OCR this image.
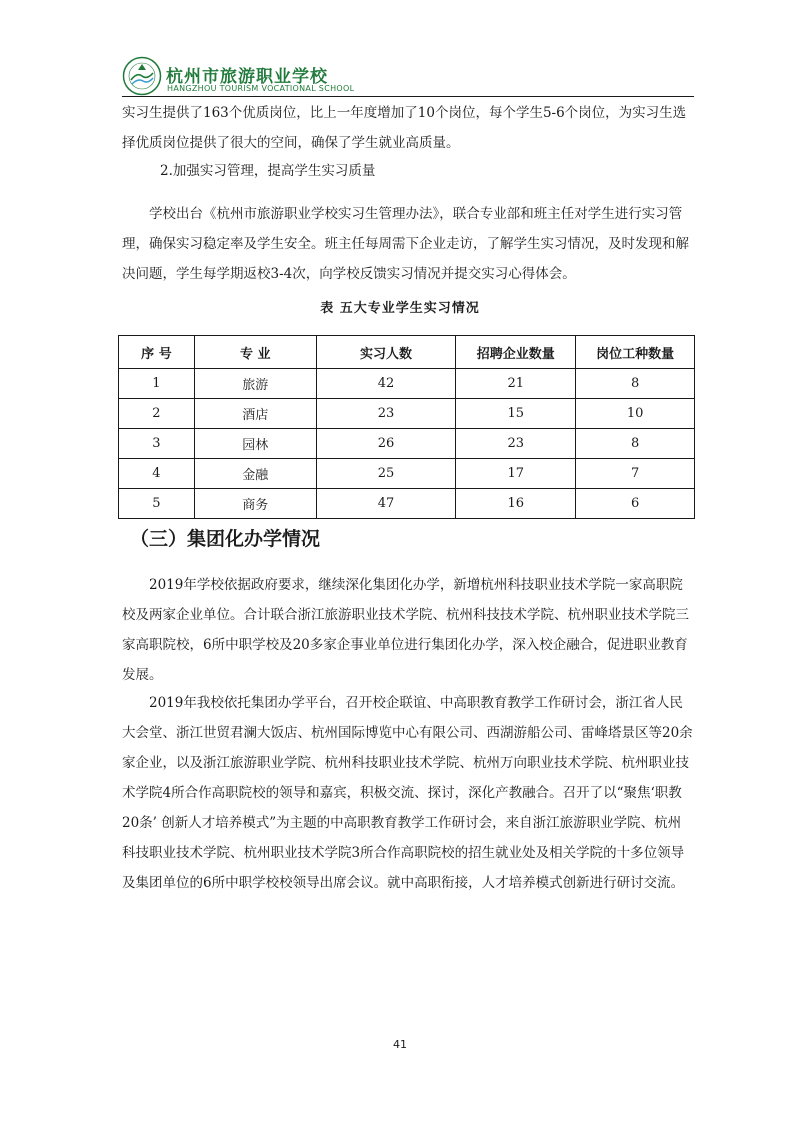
杭州市旅游职业学校
HANGZHOU TOURISM VOCATIONAL SCHOOL

实习生提供了163个优质岗位，比上一年度增加了10个岗位，每个学生5-6个岗位，为实习生选择优质岗位提供了很大的空间，确保了学生就业高质量。

2.加强实习管理，提高学生实习质量

学校出台《杭州市旅游职业学校实习生管理办法》，联合专业部和班主任对学生进行实习管理，确保实习稳定率及学生安全。班主任每周需下企业走访，了解学生实习情况，及时发现和解决问题，学生每学期返校3-4次，向学校反馈实习情况并提交实习心得体会。

表 五大专业学生实习情况

序 号	专 业	实习人数	招聘企业数量	岗位工种数量
1	旅游	42	21	8
2	酒店	23	15	10
3	园林	26	23	8
4	金融	25	17	7
5	商务	47	16	6
（三）集团化办学情况

2019年学校依据政府要求，继续深化集团化办学，新增杭州科技职业技术学院一家高职院校及两家企业单位。合计联合浙江旅游职业技术学院、杭州科技技术学院、杭州职业技术学院三家高职院校，6所中职学校及20多家企事业单位进行集团化办学，深入校企融合，促进职业教育发展。

2019年我校依托集团办学平台，召开校企联谊、中高职教育教学工作研讨会，浙江省人民大会堂、浙江世贸君澜大饭店、杭州国际博览中心有限公司、西湖游船公司、雷峰塔景区等20余家企业，以及浙江旅游职业学院、杭州科技职业技术学院、杭州万向职业技术学院、杭州职业技术学院4所合作高职院校的领导和嘉宾，积极交流、探讨，深化产教融合。召开了以“聚焦‘职教20条’ 创新人才培养模式”为主题的中高职教育教学工作研讨会，来自浙江旅游职业学院、杭州科技职业技术学院、杭州职业技术学院3所合作高职院校的招生就业处及相关学院的十多位领导及集团单位的6所中职学校校领导出席会议。就中高职衔接，人才培养模式创新进行研讨交流。

41
